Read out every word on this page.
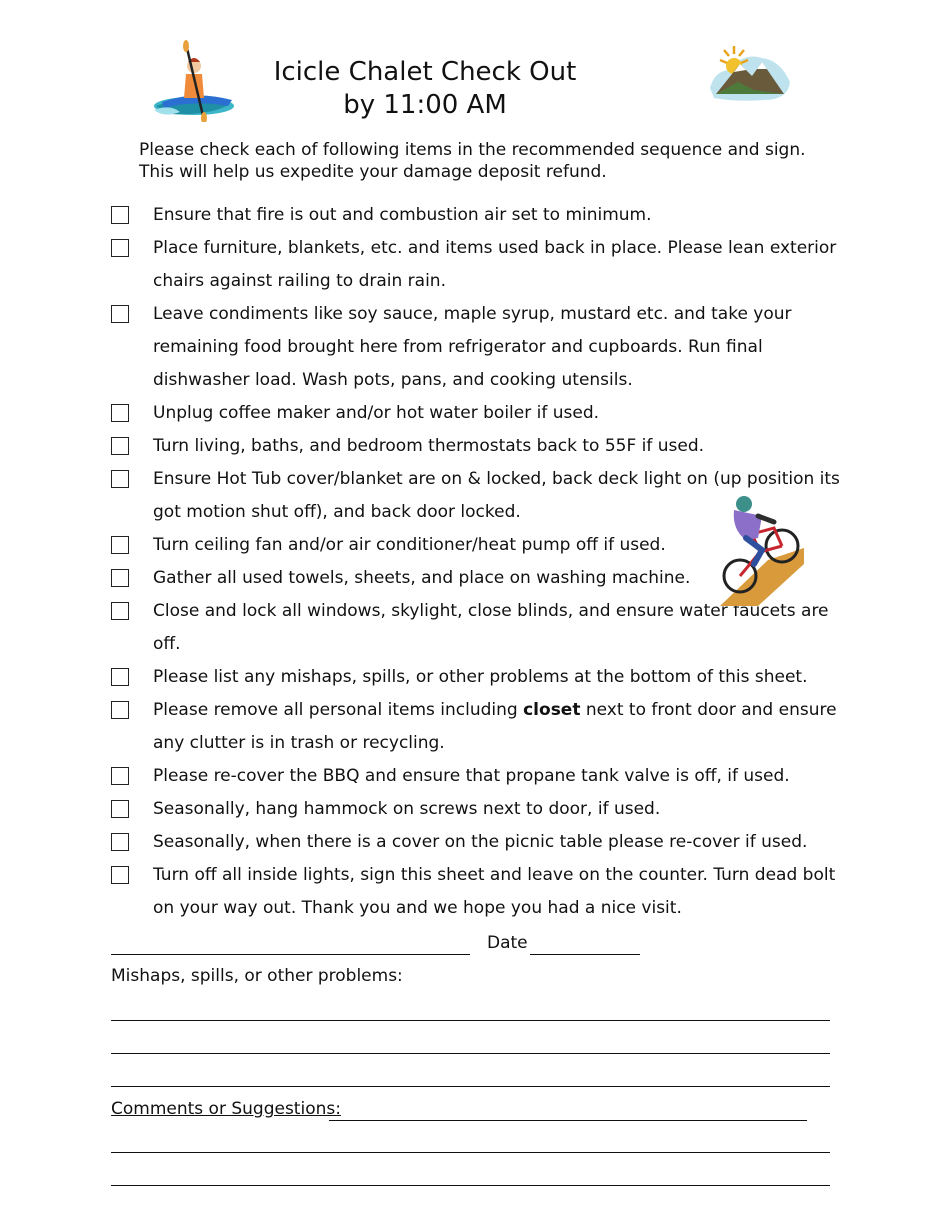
Icicle Chalet Check Out
by 11:00 AM
Please check each of following items in the recommended sequence and sign. This will help us expedite your damage deposit refund.
Ensure that fire is out and combustion air set to minimum.
Place furniture, blankets, etc. and items used back in place. Please lean exterior chairs against railing to drain rain.
Leave condiments like soy sauce, maple syrup, mustard etc. and take your remaining food brought here from refrigerator and cupboards. Run final dishwasher load. Wash pots, pans, and cooking utensils.
Unplug coffee maker and/or hot water boiler if used.
Turn living, baths, and bedroom thermostats back to 55F if used.
Ensure Hot Tub cover/blanket are on & locked, back deck light on (up position its got motion shut off), and back door locked.
Turn ceiling fan and/or air conditioner/heat pump off if used.
Gather all used towels, sheets, and place on washing machine.
Close and lock all windows, skylight, close blinds, and ensure water faucets are off.
Please list any mishaps, spills, or other problems at the bottom of this sheet.
Please remove all personal items including closet next to front door and ensure any clutter is in trash or recycling.
Please re-cover the BBQ and ensure that propane tank valve is off, if used.
Seasonally, hang hammock on screws next to door, if used.
Seasonally, when there is a cover on the picnic table please re-cover if used.
Turn off all inside lights, sign this sheet and leave on the counter. Turn dead bolt on your way out. Thank you and we hope you had a nice visit.
Date
Mishaps, spills, or other problems:
Comments or Suggestions:
